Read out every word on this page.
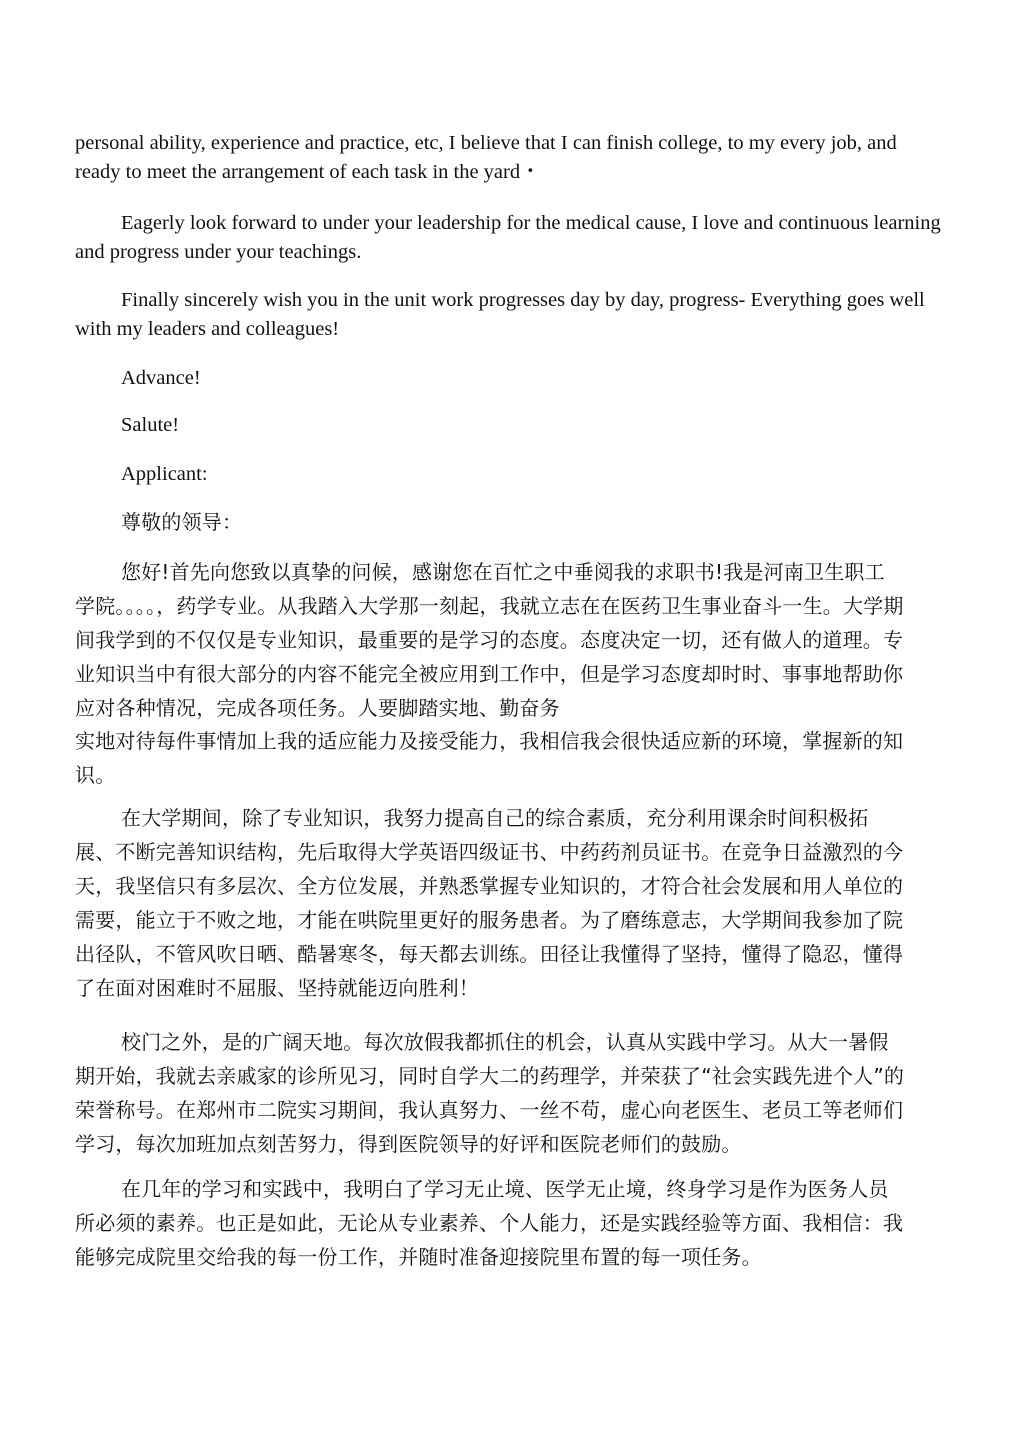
personal ability, experience and practice, etc, I believe that I can finish college, to my every job, and ready to meet the arrangement of each task in the yard・

Eagerly look forward to under your leadership for the medical cause, I love and continuous learning and progress under your teachings.

Finally sincerely wish you in the unit work progresses day by day, progress- Everything goes well with my leaders and colleagues!

Advance!

Salute!

Applicant:

尊敬的领导：

您好!首先向您致以真挚的问候，感谢您在百忙之中垂阅我的求职书!我是河南卫生职工学院。。。。，药学专业。从我踏入大学那一刻起，我就立志在在医药卫生事业奋斗一生。大学期间我学到的不仅仅是专业知识，最重要的是学习的态度。态度决定一切，还有做人的道理。专业知识当中有很大部分的内容不能完全被应用到工作中，但是学习态度却时时、事事地帮助你应对各种情况，完成各项任务。人要脚踏实地、勤奋务

实地对待每件事情加上我的适应能力及接受能力，我相信我会很快适应新的环境，掌握新的知识。

在大学期间，除了专业知识，我努力提高自己的综合素质，充分利用课余时间积极拓展、不断完善知识结构，先后取得大学英语四级证书、中药药剂员证书。在竞争日益激烈的今天，我坚信只有多层次、全方位发展，并熟悉掌握专业知识的，才符合社会发展和用人单位的需要，能立于不败之地，才能在哄院里更好的服务患者。为了磨练意志，大学期间我参加了院出径队，不管风吹日晒、酷暑寒冬，每天都去训练。田径让我懂得了坚持，懂得了隐忍，懂得了在面对困难时不屈服、坚持就能迈向胜利！

校门之外，是的广阔天地。每次放假我都抓住的机会，认真从实践中学习。从大一暑假期开始，我就去亲戚家的诊所见习，同时自学大二的药理学，并荣获了“社会实践先进个人”的荣誉称号。在郑州市二院实习期间，我认真努力、一丝不苟，虚心向老医生、老员工等老师们学习，每次加班加点刻苦努力，得到医院领导的好评和医院老师们的鼓励。

在几年的学习和实践中，我明白了学习无止境、医学无止境，终身学习是作为医务人员所必须的素养。也正是如此，无论从专业素养、个人能力，还是实践经验等方面、我相信：我能够完成院里交给我的每一份工作，并随时准备迎接院里布置的每一项任务。
